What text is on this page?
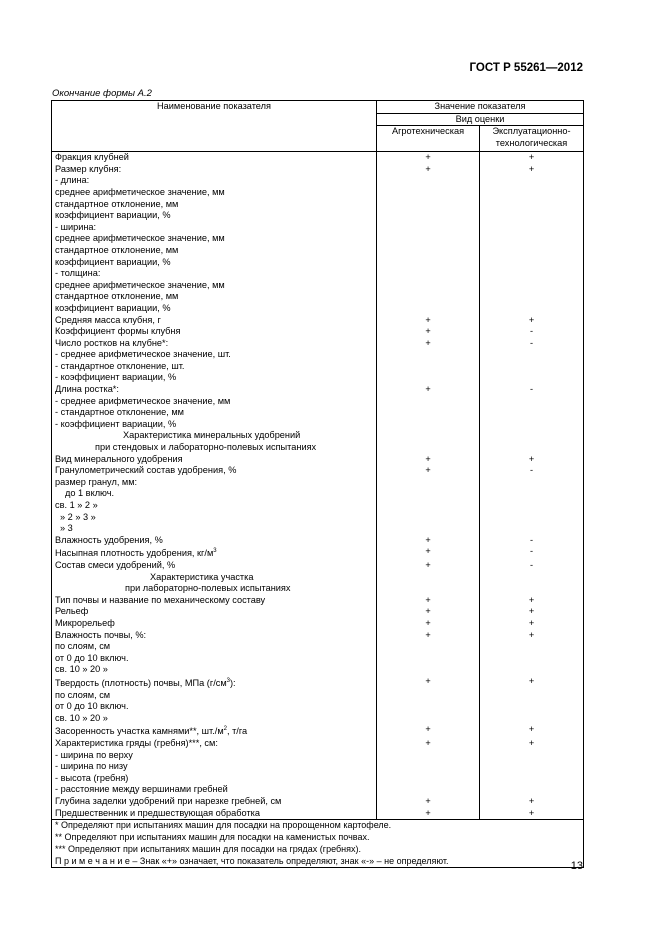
ГОСТ Р 55261—2012
Окончание формы А.2
Наименование показателя	Значение показателя	
	Вид оценки	
	Агротехническая	Эксплуатационно-технологическая
Фракция клубней	+	+
Размер клубня:	+	+
- длина:		
среднее арифметическое значение, мм		
стандартное отклонение, мм		
коэффициент вариации, %		
- ширина:		
среднее арифметическое значение, мм		
стандартное отклонение, мм		
коэффициент вариации, %		
- толщина:		
среднее арифметическое значение, мм		
стандартное отклонение, мм		
коэффициент вариации, %		
Средняя масса клубня, г	+	+
Коэффициент формы клубня	+	-
Число ростков на клубне*:	+	-
- среднее арифметическое значение, шт.		
- стандартное отклонение, шт.		
- коэффициент вариации, %		
Длина ростка*:	+	-
- среднее арифметическое значение, мм		
- стандартное отклонение, мм		
- коэффициент вариации, %		
Характеристика минеральных удобрений		
при стендовых и лабораторно-полевых испытаниях		
Вид минерального удобрения	+	+
Гранулометрический состав удобрения, %	+	-
размер гранул, мм:		
до 1 включ.		
св. 1 » 2 »		
» 2 » 3 »		
» 3		
Влажность удобрения, %	+	-
Насыпная плотность удобрения, $кг/м^3$	+	-
Состав смеси удобрений, %	+	-
Характеристика участка		
при лабораторно-полевых испытаниях		
Тип почвы и название по механическому составу	+	+
Рельеф	+	+
Микрорельеф	+	+
Влажность почвы, %:	+	+
по слоям, см		
от 0 до 10 включ.		
св. 10 » 20 »		
Твердость (плотность) почвы, МПа $(г/см^3)$:	+	+
по слоям, см		
от 0 до 10 включ.		
св. 10 » 20 »		
Засоренность участка камнями**, $шт./м^2$, т/га	+	+
Характеристика гряды (гребня)***, см:	+	+
- ширина по верху		
- ширина по низу		
- высота (гребня)		
- расстояние между вершинами гребней		
Глубина заделки удобрений при нарезке гребней, см	+	+
Предшественник и предшествующая обработка	+	+

* Определяют при испытаниях машин для посадки на пророщенном картофеле.
** Определяют при испытаниях машин для посадки на каменистых почвах.
*** Определяют при испытаниях машин для посадки на грядах (гребнях).
П р и м е ч а н и е – Знак «+» означает, что показатель определяют, знак «-» – не определяют.			13
